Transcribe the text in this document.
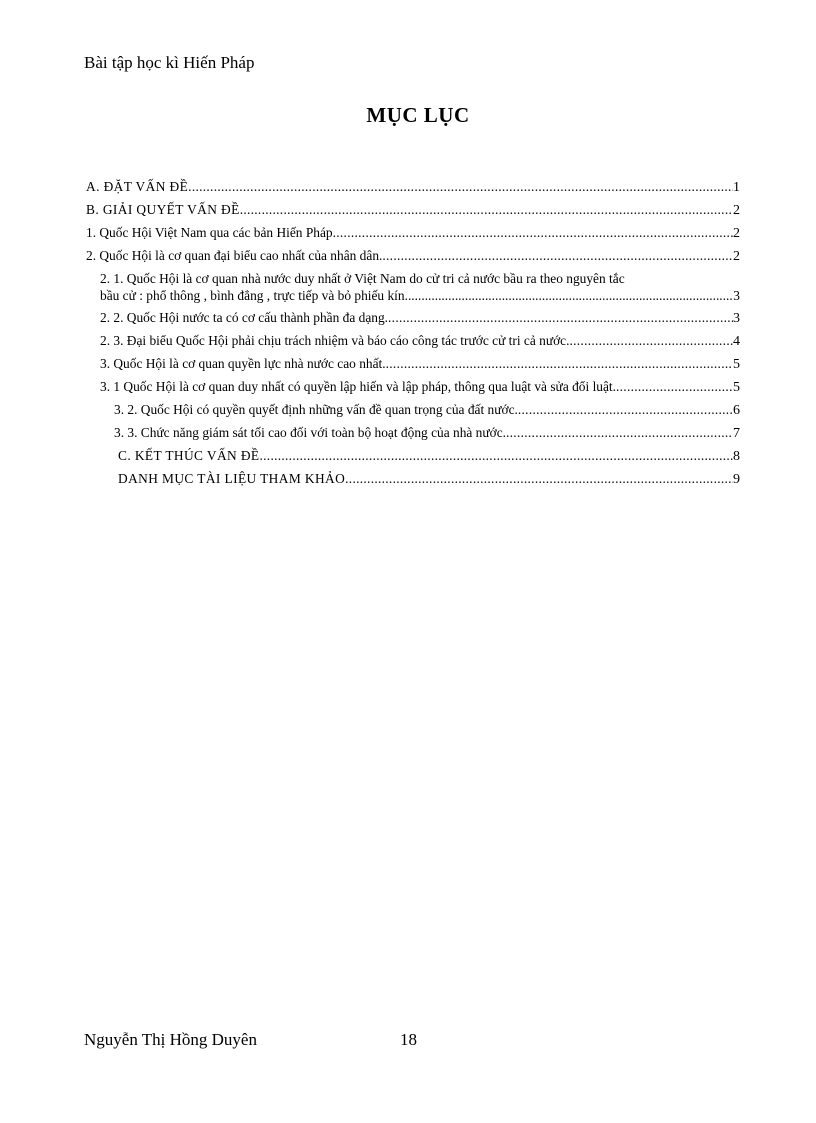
Bài tập học kì Hiến Pháp
MỤC LỤC
A. ĐẶT VẤN ĐỀ .....	1
B. GIẢI QUYẾT VẤN ĐỀ .....	2
1. Quốc Hội Việt Nam qua các bản Hiến Pháp .....	2
2. Quốc Hội là cơ quan đại biểu cao nhất của nhân dân. .....	2
2. 1. Quốc Hội là cơ quan nhà nước duy nhất ở Việt Nam do cử tri cả nước bầu ra theo nguyên tắc
bầu cử : phổ thông , bình đẳng , trực tiếp và bỏ phiếu kín. .....	3
2. 2. Quốc Hội nước ta có cơ cấu thành phần đa dạng. .....	3
2. 3. Đại biểu Quốc Hội phải chịu trách nhiệm và báo cáo công tác trước cử tri cả nước. .....	4
3. Quốc Hội là cơ quan quyền lực nhà nước cao nhất. .....	5
3. 1 Quốc Hội là cơ quan duy nhất có quyền lập hiến và lập pháp, thông qua luật và sửa đổi luật. .....	5
3. 2. Quốc Hội có quyền quyết định những vấn đề quan trọng của đất nước. .....	6
3. 3. Chức năng giám sát tối cao đối với toàn bộ hoạt động của nhà nước. .....	7
C. KẾT THÚC VẤN ĐỀ .....	8
DANH MỤC TÀI LIỆU THAM KHẢO .....	9
Nguyễn Thị Hồng Duyên	18
